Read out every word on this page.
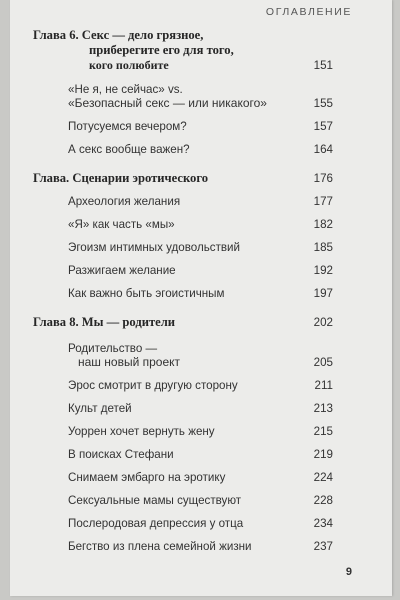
ОГЛАВЛЕНИЕ
Глава 6. Секс — дело грязное,
приберегите его для того,
кого полюбите	151
«Не я, не сейчас» vs.
«Безопасный секс — или никакого»	155
Потусуемся вечером?	157
А секс вообще важен?	164
Глава. Сценарии эротического	176
Археология желания	177
«Я» как часть «мы»	182
Эгоизм интимных удовольствий	185
Разжигаем желание	192
Как важно быть эгоистичным	197
Глава 8. Мы — родители	202
Родительство —
наш новый проект	205
Эрос смотрит в другую сторону	211
Культ детей	213
Уоррен хочет вернуть жену	215
В поисках Стефани	219
Снимаем эмбарго на эротику	224
Сексуальные мамы существуют	228
Послеродовая депрессия у отца	234
Бегство из плена семейной жизни	237
9
